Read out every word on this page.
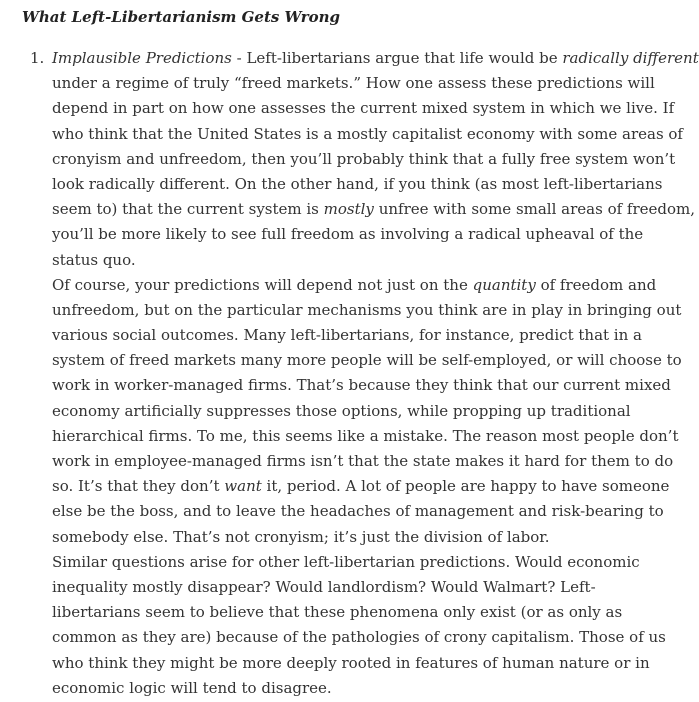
What Left-Libertarianism Gets Wrong
1. Implausible Predictions - Left-libertarians argue that life would be radically different
under a regime of truly “freed markets.” How one assess these predictions will
depend in part on how one assesses the current mixed system in which we live. If
who think that the United States is a mostly capitalist economy with some areas of
cronyism and unfreedom, then you’ll probably think that a fully free system won’t
look radically different. On the other hand, if you think (as most left-libertarians
seem to) that the current system is mostly unfree with some small areas of freedom,
you’ll be more likely to see full freedom as involving a radical upheaval of the
status quo.
Of course, your predictions will depend not just on the quantity of freedom and
unfreedom, but on the particular mechanisms you think are in play in bringing out
various social outcomes. Many left-libertarians, for instance, predict that in a
system of freed markets many more people will be self-employed, or will choose to
work in worker-managed firms. That’s because they think that our current mixed
economy artificially suppresses those options, while propping up traditional
hierarchical firms. To me, this seems like a mistake. The reason most people don’t
work in employee-managed firms isn’t that the state makes it hard for them to do
so. It’s that they don’t want it, period. A lot of people are happy to have someone
else be the boss, and to leave the headaches of management and risk-bearing to
somebody else. That’s not cronyism; it’s just the division of labor.
Similar questions arise for other left-libertarian predictions. Would economic
inequality mostly disappear? Would landlordism? Would Walmart? Left-
libertarians seem to believe that these phenomena only exist (or as only as
common as they are) because of the pathologies of crony capitalism. Those of us
who think they might be more deeply rooted in features of human nature or in
economic logic will tend to disagree.
